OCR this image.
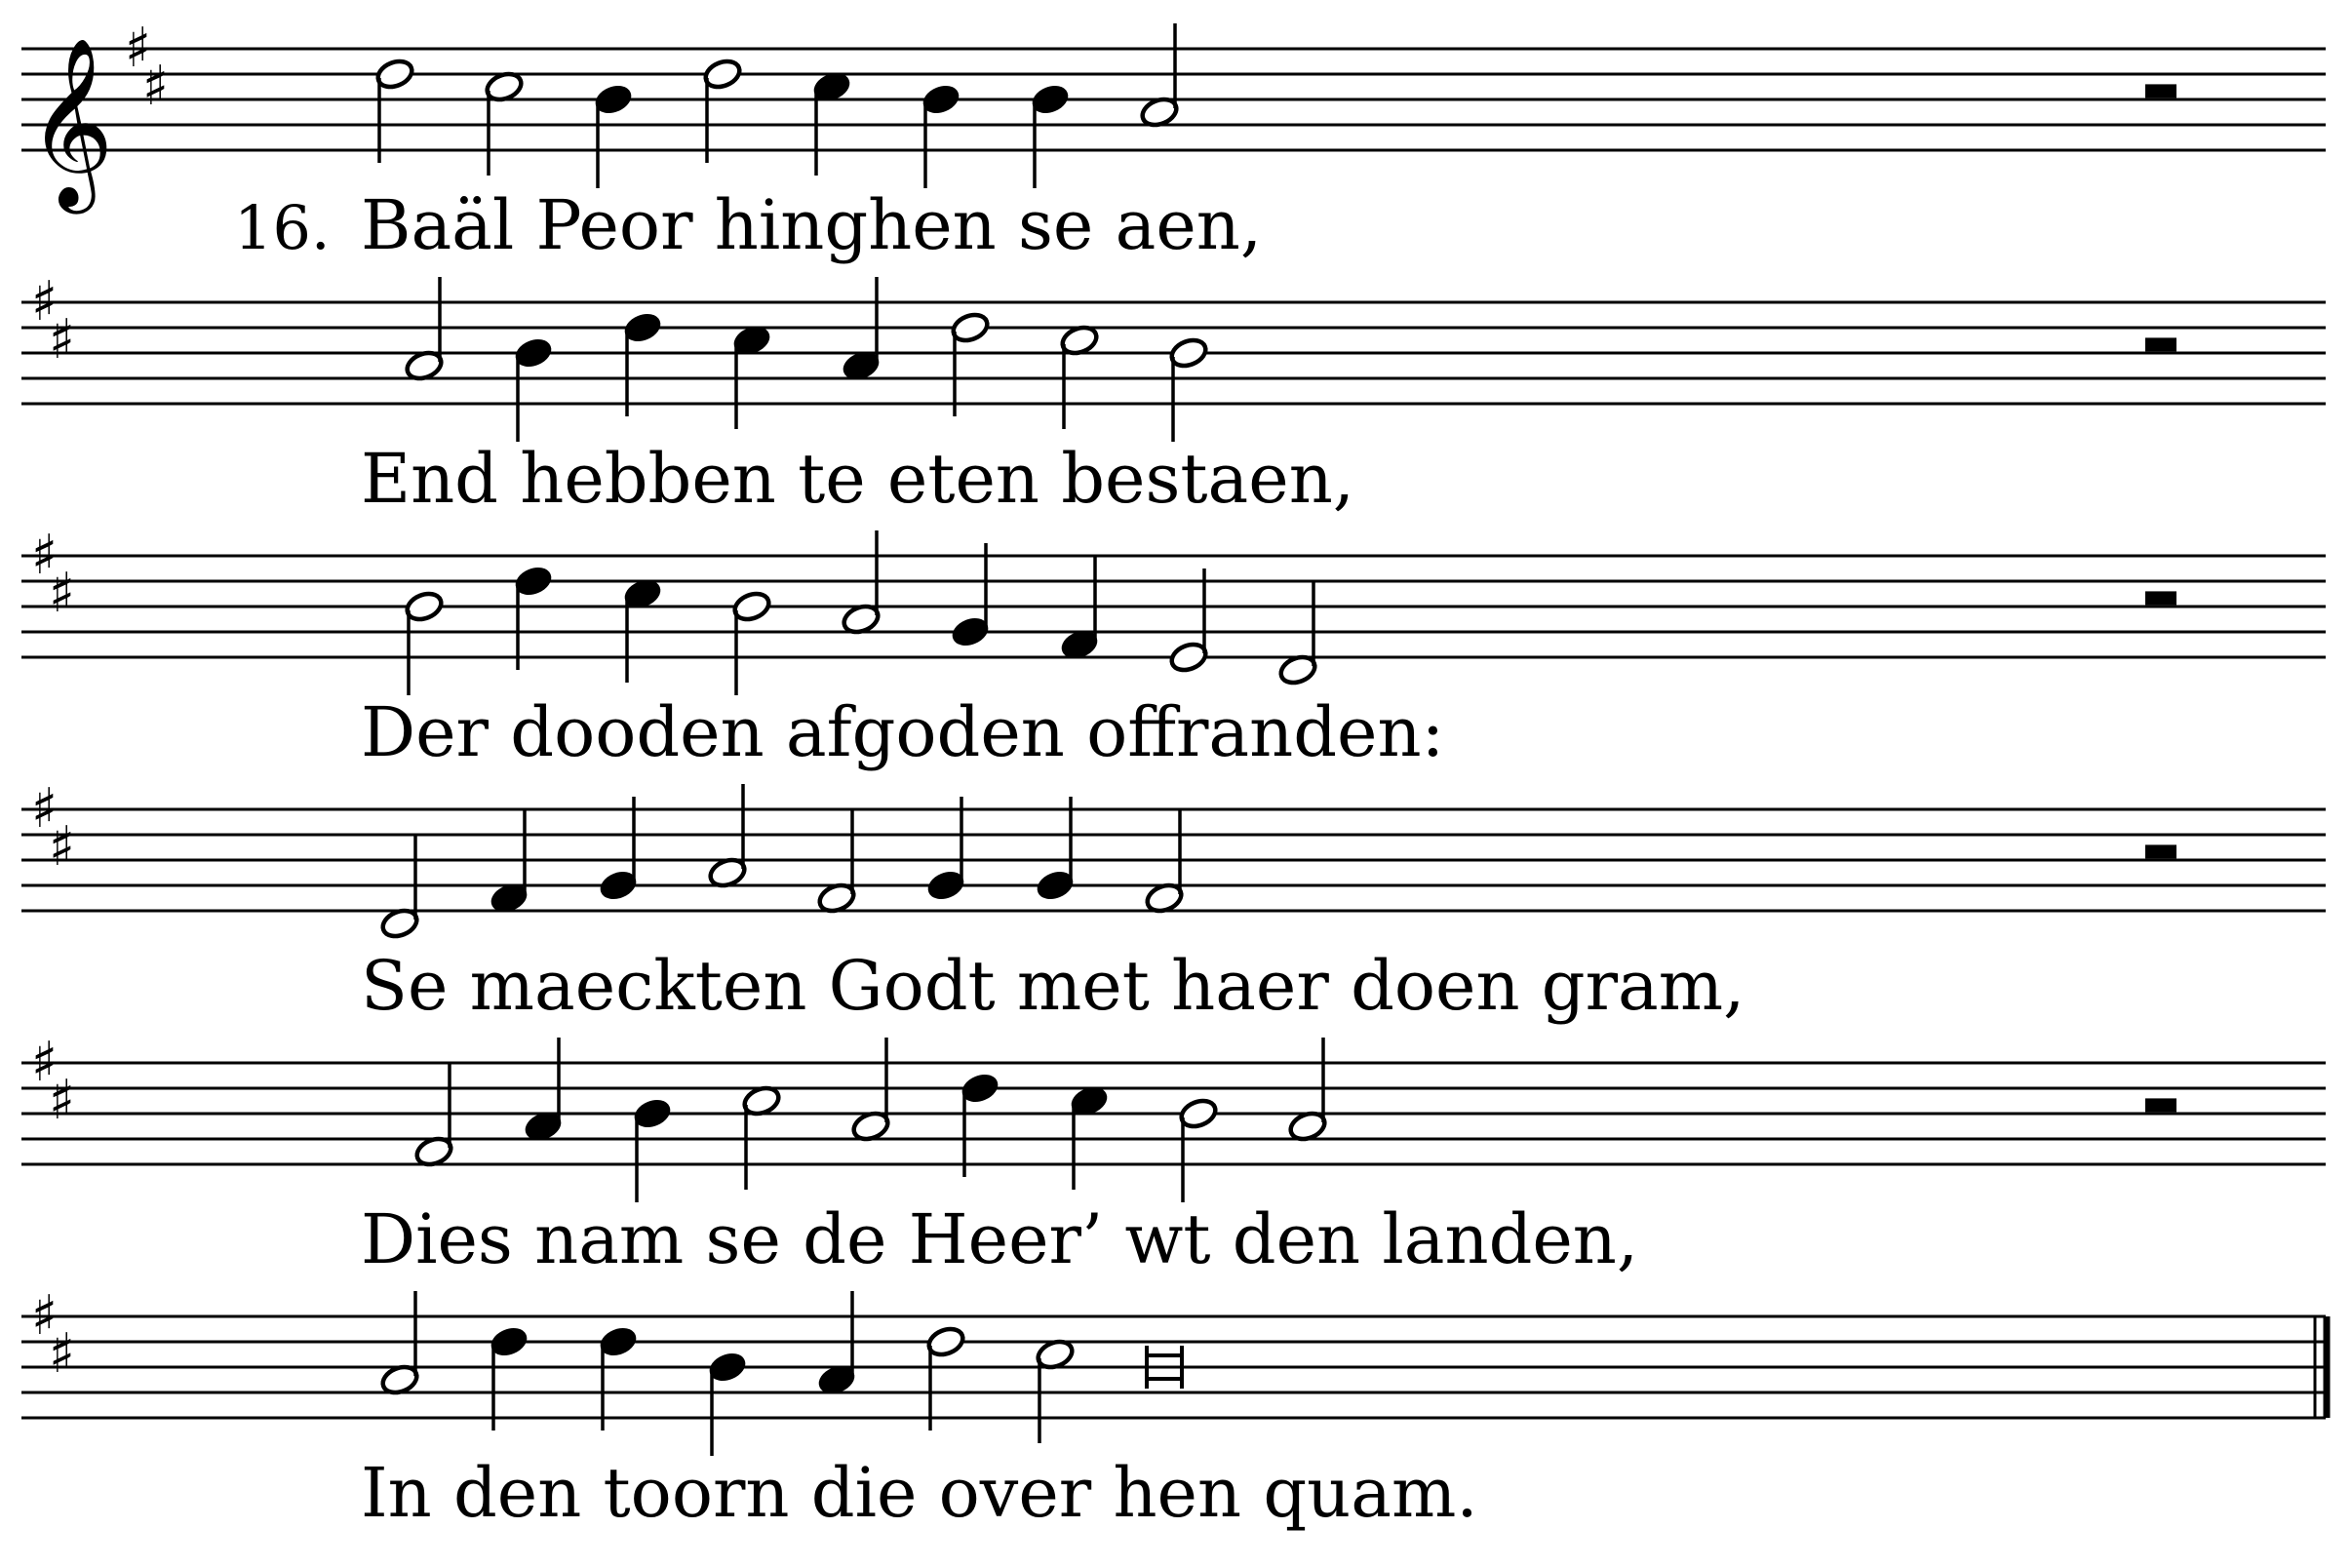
𝄞 ♯
♯
♯
♯
♯
♯
♯
♯
♯
♯
♯
♯
16. Baäl Peor hinghen se aen,
End hebben te eten bestaen,
Der dooden afgoden offranden:
Se maeckten Godt met haer doen gram,
Dies nam se de Heer’ wt den landen,
In den toorn die over hen quam.
